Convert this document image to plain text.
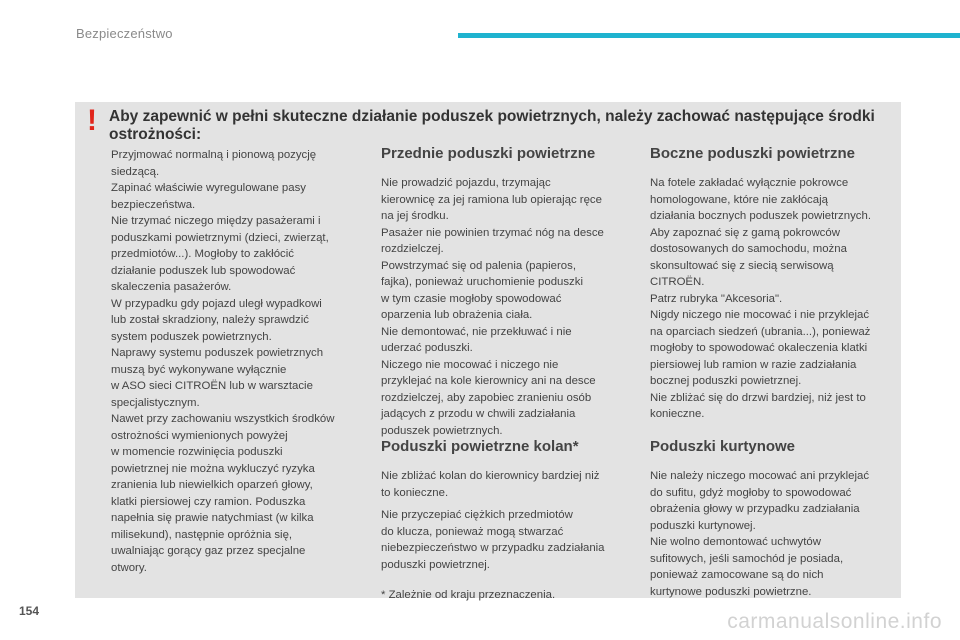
Bezpieczeństwo
! Aby zapewnić w pełni skuteczne działanie poduszek powietrznych, należy zachować następujące środki ostrożności:
Przyjmować normalną i pionową pozycję
siedzącą.
Zapinać właściwie wyregulowane pasy
bezpieczeństwa.
Nie trzymać niczego między pasażerami i
poduszkami powietrznymi (dzieci, zwierząt,
przedmiotów...). Mogłoby to zakłócić
działanie poduszek lub spowodować
skaleczenia pasażerów.
W przypadku gdy pojazd uległ wypadkowi
lub został skradziony, należy sprawdzić
system poduszek powietrznych.
Naprawy systemu poduszek powietrznych
muszą być wykonywane wyłącznie
w ASO sieci CITROËN lub w warsztacie
specjalistycznym.
Nawet przy zachowaniu wszystkich środków
ostrożności wymienionych powyżej
w momencie rozwinięcia poduszki
powietrznej nie można wykluczyć ryzyka
zranienia lub niewielkich oparzeń głowy,
klatki piersiowej czy ramion. Poduszka
napełnia się prawie natychmiast (w kilka
milisekund), następnie opróżnia się,
uwalniając gorący gaz przez specjalne
otwory.
Przednie poduszki powietrzne
Nie prowadzić pojazdu, trzymając
kierownicę za jej ramiona lub opierając ręce
na jej środku.
Pasażer nie powinien trzymać nóg na desce
rozdzielczej.
Powstrzymać się od palenia (papieros,
fajka), ponieważ uruchomienie poduszki
w tym czasie mogłoby spowodować
oparzenia lub obrażenia ciała.
Nie demontować, nie przekłuwać i nie
uderzać poduszki.
Niczego nie mocować i niczego nie
przyklejać na kole kierownicy ani na desce
rozdzielczej, aby zapobiec zranieniu osób
jadących z przodu w chwili zadziałania
poduszek powietrznych.
Poduszki powietrzne kolan*
Nie zbliżać kolan do kierownicy bardziej niż
to konieczne.
Nie przyczepiać ciężkich przedmiotów
do klucza, ponieważ mogą stwarzać
niebezpieczeństwo w przypadku zadziałania
poduszki powietrznej.
* Zależnie od kraju przeznaczenia.
Boczne poduszki powietrzne
Na fotele zakładać wyłącznie pokrowce
homologowane, które nie zakłócają
działania bocznych poduszek powietrznych.
Aby zapoznać się z gamą pokrowców
dostosowanych do samochodu, można
skonsultować się z siecią serwisową
CITROËN.
Patrz rubryka "Akcesoria".
Nigdy niczego nie mocować i nie przyklejać
na oparciach siedzeń (ubrania...), ponieważ
mogłoby to spowodować okaleczenia klatki
piersiowej lub ramion w razie zadziałania
bocznej poduszki powietrznej.
Nie zbliżać się do drzwi bardziej, niż jest to
konieczne.
Poduszki kurtynowe
Nie należy niczego mocować ani przyklejać
do sufitu, gdyż mogłoby to spowodować
obrażenia głowy w przypadku zadziałania
poduszki kurtynowej.
Nie wolno demontować uchwytów
sufitowych, jeśli samochód je posiada,
ponieważ zamocowane są do nich
kurtynowe poduszki powietrzne.
154	carmanualsonline.info
